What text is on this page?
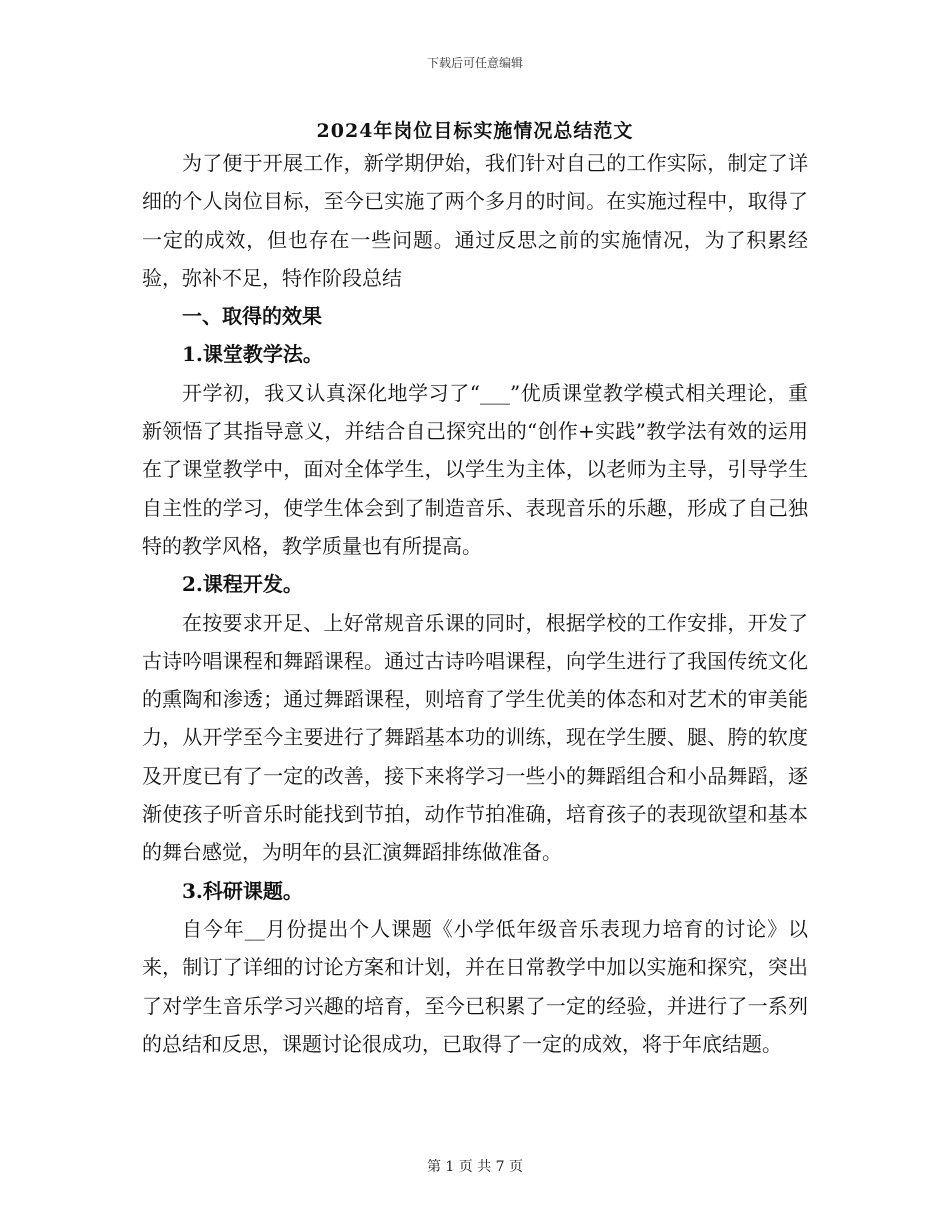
下载后可任意编辑
2024年岗位目标实施情况总结范文

为了便于开展工作，新学期伊始，我们针对自己的工作实际，制定了详细的个人岗位目标，至今已实施了两个多月的时间。在实施过程中，取得了一定的成效，但也存在一些问题。通过反思之前的实施情况，为了积累经验，弥补不足，特作阶段总结

一、取得的效果

1.课堂教学法。

开学初，我又认真深化地学习了“___”优质课堂教学模式相关理论，重新领悟了其指导意义，并结合自己探究出的“创作+实践”教学法有效的运用在了课堂教学中，面对全体学生，以学生为主体，以老师为主导，引导学生自主性的学习，使学生体会到了制造音乐、表现音乐的乐趣，形成了自己独特的教学风格，教学质量也有所提高。

2.课程开发。

在按要求开足、上好常规音乐课的同时，根据学校的工作安排，开发了古诗吟唱课程和舞蹈课程。通过古诗吟唱课程，向学生进行了我国传统文化的熏陶和渗透；通过舞蹈课程，则培育了学生优美的体态和对艺术的审美能力，从开学至今主要进行了舞蹈基本功的训练，现在学生腰、腿、胯的软度及开度已有了一定的改善，接下来将学习一些小的舞蹈组合和小品舞蹈，逐渐使孩子听音乐时能找到节拍，动作节拍准确，培育孩子的表现欲望和基本的舞台感觉，为明年的县汇演舞蹈排练做准备。

3.科研课题。

自今年__月份提出个人课题《小学低年级音乐表现力培育的讨论》以来，制订了详细的讨论方案和计划，并在日常教学中加以实施和探究，突出了对学生音乐学习兴趣的培育，至今已积累了一定的经验，并进行了一系列的总结和反思，课题讨论很成功，已取得了一定的成效，将于年底结题。

第 1 页 共 7 页
